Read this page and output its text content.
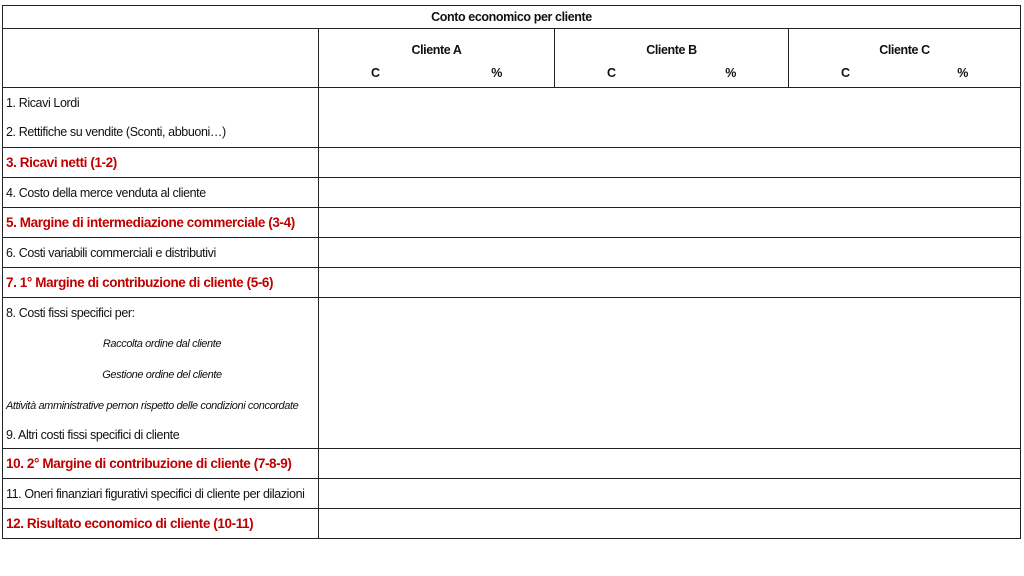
Conto economico per cliente						
	Cliente A		Cliente B		Cliente C	
	C	%	C	%	C	%
1. Ricavi Lordi						
2. Rettifiche su vendite (Sconti, abbuoni…)						
3. Ricavi netti (1-2)						
4. Costo della merce venduta al cliente						
5. Margine di intermediazione commerciale (3-4)						
6. Costi variabili commerciali e distributivi						
7. 1° Margine di contribuzione di cliente (5-6)						
8. Costi fissi specifici per:						
Raccolta ordine dal cliente						
Gestione ordine del cliente						
Attività amministrative pernon rispetto delle condizioni concordate						
9. Altri costi fissi specifici di cliente						
10. 2° Margine di contribuzione di cliente (7-8-9)						
11. Oneri finanziari figurativi specifici di cliente per dilazioni						
12. Risultato economico di cliente (10-11)						
